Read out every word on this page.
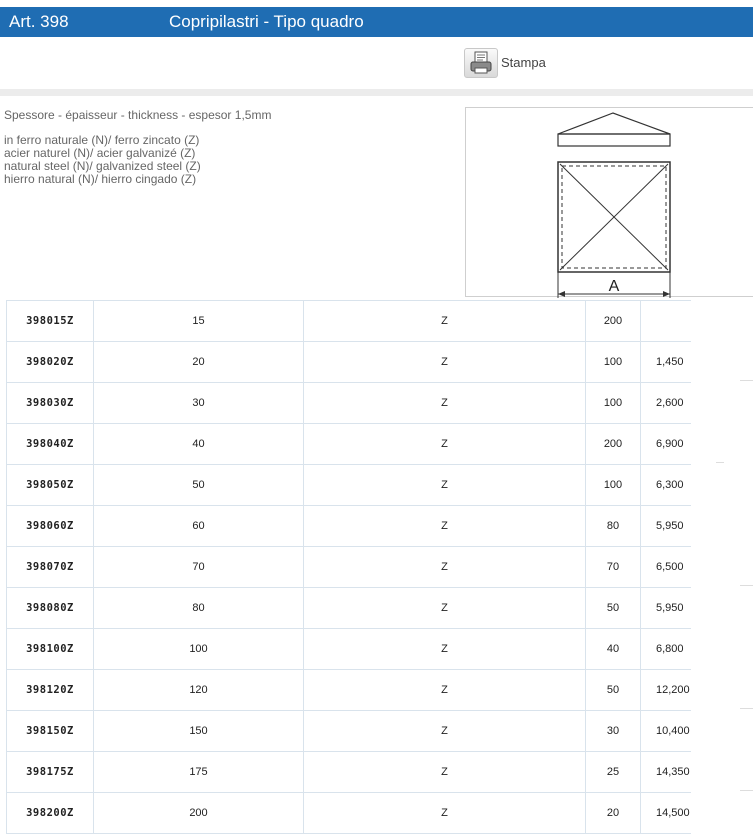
Art. 398	Copripilastri - Tipo quadro
Stampa
Spessore - épaisseur - thickness - espesor 1,5mm
in ferro naturale (N)/ ferro zincato (Z)
acier naturel (N)/ acier galvanizé (Z)
natural steel (N)/ galvanized steel (Z)
hierro natural (N)/ hierro cingado (Z)
A
398015Z	15	Z	200	
398020Z	20	Z	100	1,450
398030Z	30	Z	100	2,600
398040Z	40	Z	200	6,900
398050Z	50	Z	100	6,300
398060Z	60	Z	80	5,950
398070Z	70	Z	70	6,500
398080Z	80	Z	50	5,950
398100Z	100	Z	40	6,800
398120Z	120	Z	50	12,200
398150Z	150	Z	30	10,400
398175Z	175	Z	25	14,350
398200Z	200	Z	20	14,500
